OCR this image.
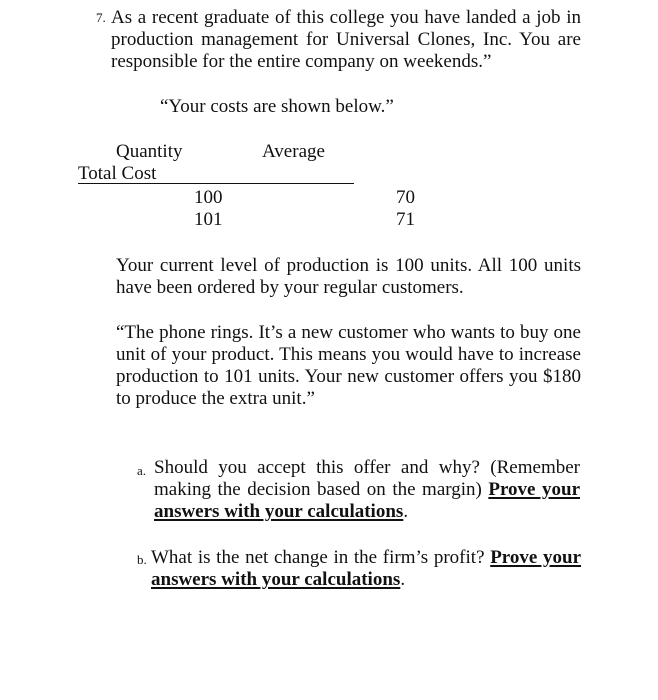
7. As a recent graduate of this college you have landed a job in production management for Universal Clones, Inc. You are responsible for the entire company on weekends.”
“Your costs are shown below.”
Quantity	Average
Total Cost
100	70
101	71
Your current level of production is 100 units. All 100 units have been ordered by your regular customers.
“The phone rings. It’s a new customer who wants to buy one unit of your product. This means you would have to increase production to 101 units. Your new customer offers you $180 to produce the extra unit.”
a. Should you accept this offer and why? (Remember making the decision based on the margin) Prove your answers with your calculations.
b. What is the net change in the firm’s profit? Prove your answers with your calculations.
